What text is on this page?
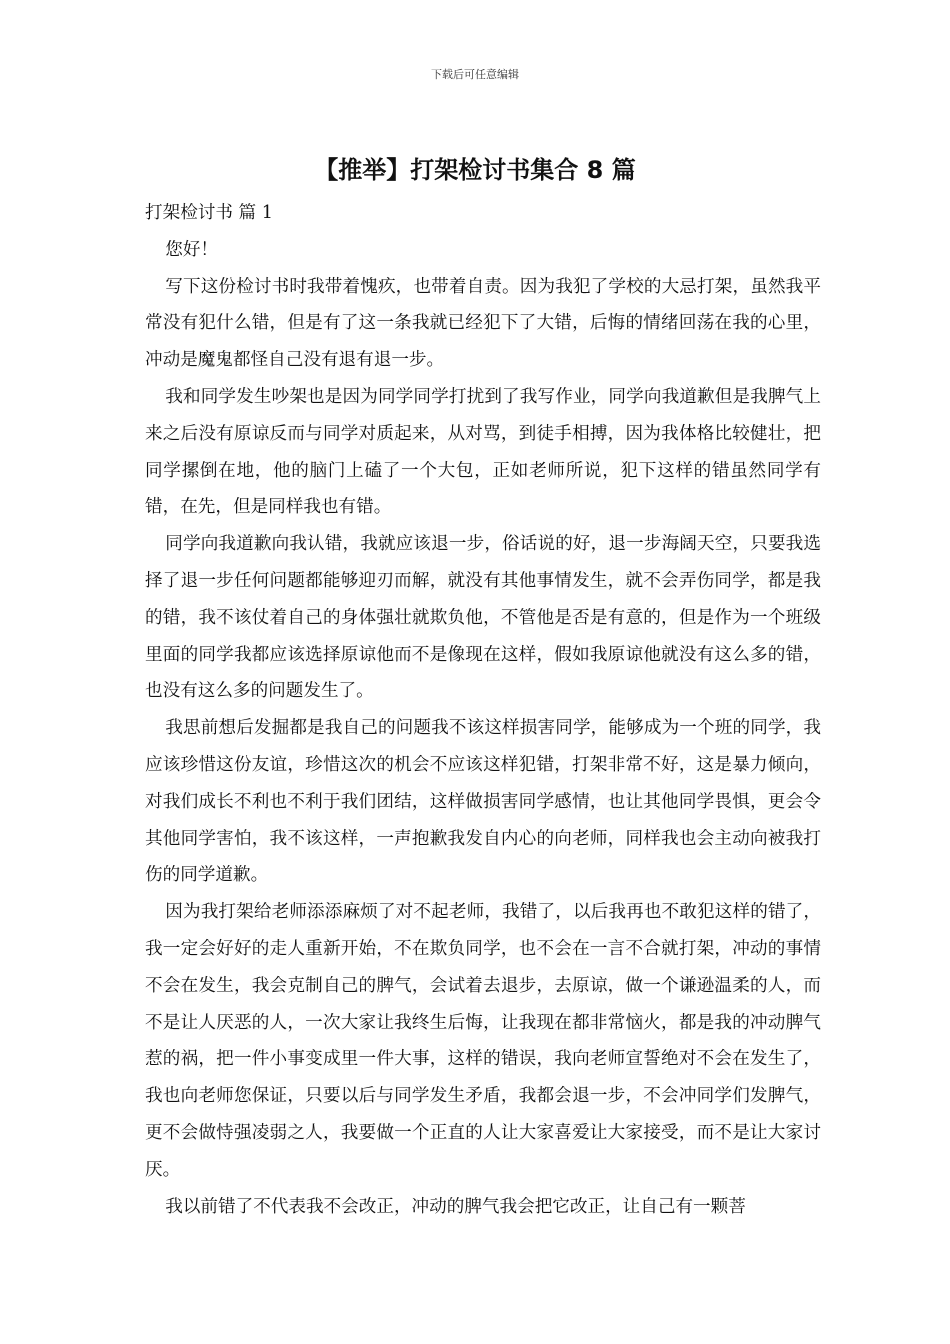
下载后可任意编辑
【推举】打架检讨书集合 8 篇
打架检讨书 篇 1

您好！

写下这份检讨书时我带着愧疚，也带着自责。因为我犯了学校的大忌打架，虽然我平常没有犯什么错，但是有了这一条我就已经犯下了大错，后悔的情绪回荡在我的心里，冲动是魔鬼都怪自己没有退有退一步。

我和同学发生吵架也是因为同学同学打扰到了我写作业，同学向我道歉但是我脾气上来之后没有原谅反而与同学对质起来，从对骂，到徒手相搏，因为我体格比较健壮，把同学摞倒在地，他的脑门上磕了一个大包，正如老师所说，犯下这样的错虽然同学有错，在先，但是同样我也有错。

同学向我道歉向我认错，我就应该退一步，俗话说的好，退一步海阔天空，只要我选择了退一步任何问题都能够迎刃而解，就没有其他事情发生，就不会弄伤同学，都是我的错，我不该仗着自己的身体强壮就欺负他，不管他是否是有意的，但是作为一个班级里面的同学我都应该选择原谅他而不是像现在这样，假如我原谅他就没有这么多的错，也没有这么多的问题发生了。

我思前想后发掘都是我自己的问题我不该这样损害同学，能够成为一个班的同学，我应该珍惜这份友谊，珍惜这次的机会不应该这样犯错，打架非常不好，这是暴力倾向，对我们成长不利也不利于我们团结，这样做损害同学感情，也让其他同学畏惧，更会令其他同学害怕，我不该这样，一声抱歉我发自内心的向老师，同样我也会主动向被我打伤的同学道歉。

因为我打架给老师添添麻烦了对不起老师，我错了，以后我再也不敢犯这样的错了，我一定会好好的走人重新开始，不在欺负同学，也不会在一言不合就打架，冲动的事情不会在发生，我会克制自己的脾气，会试着去退步，去原谅，做一个谦逊温柔的人，而不是让人厌恶的人，一次大家让我终生后悔，让我现在都非常恼火，都是我的冲动脾气惹的祸，把一件小事变成里一件大事，这样的错误，我向老师宣誓绝对不会在发生了，我也向老师您保证，只要以后与同学发生矛盾，我都会退一步，不会冲同学们发脾气，更不会做恃强凌弱之人，我要做一个正直的人让大家喜爱让大家接受，而不是让大家讨厌。

我以前错了不代表我不会改正，冲动的脾气我会把它改正，让自己有一颗菩
